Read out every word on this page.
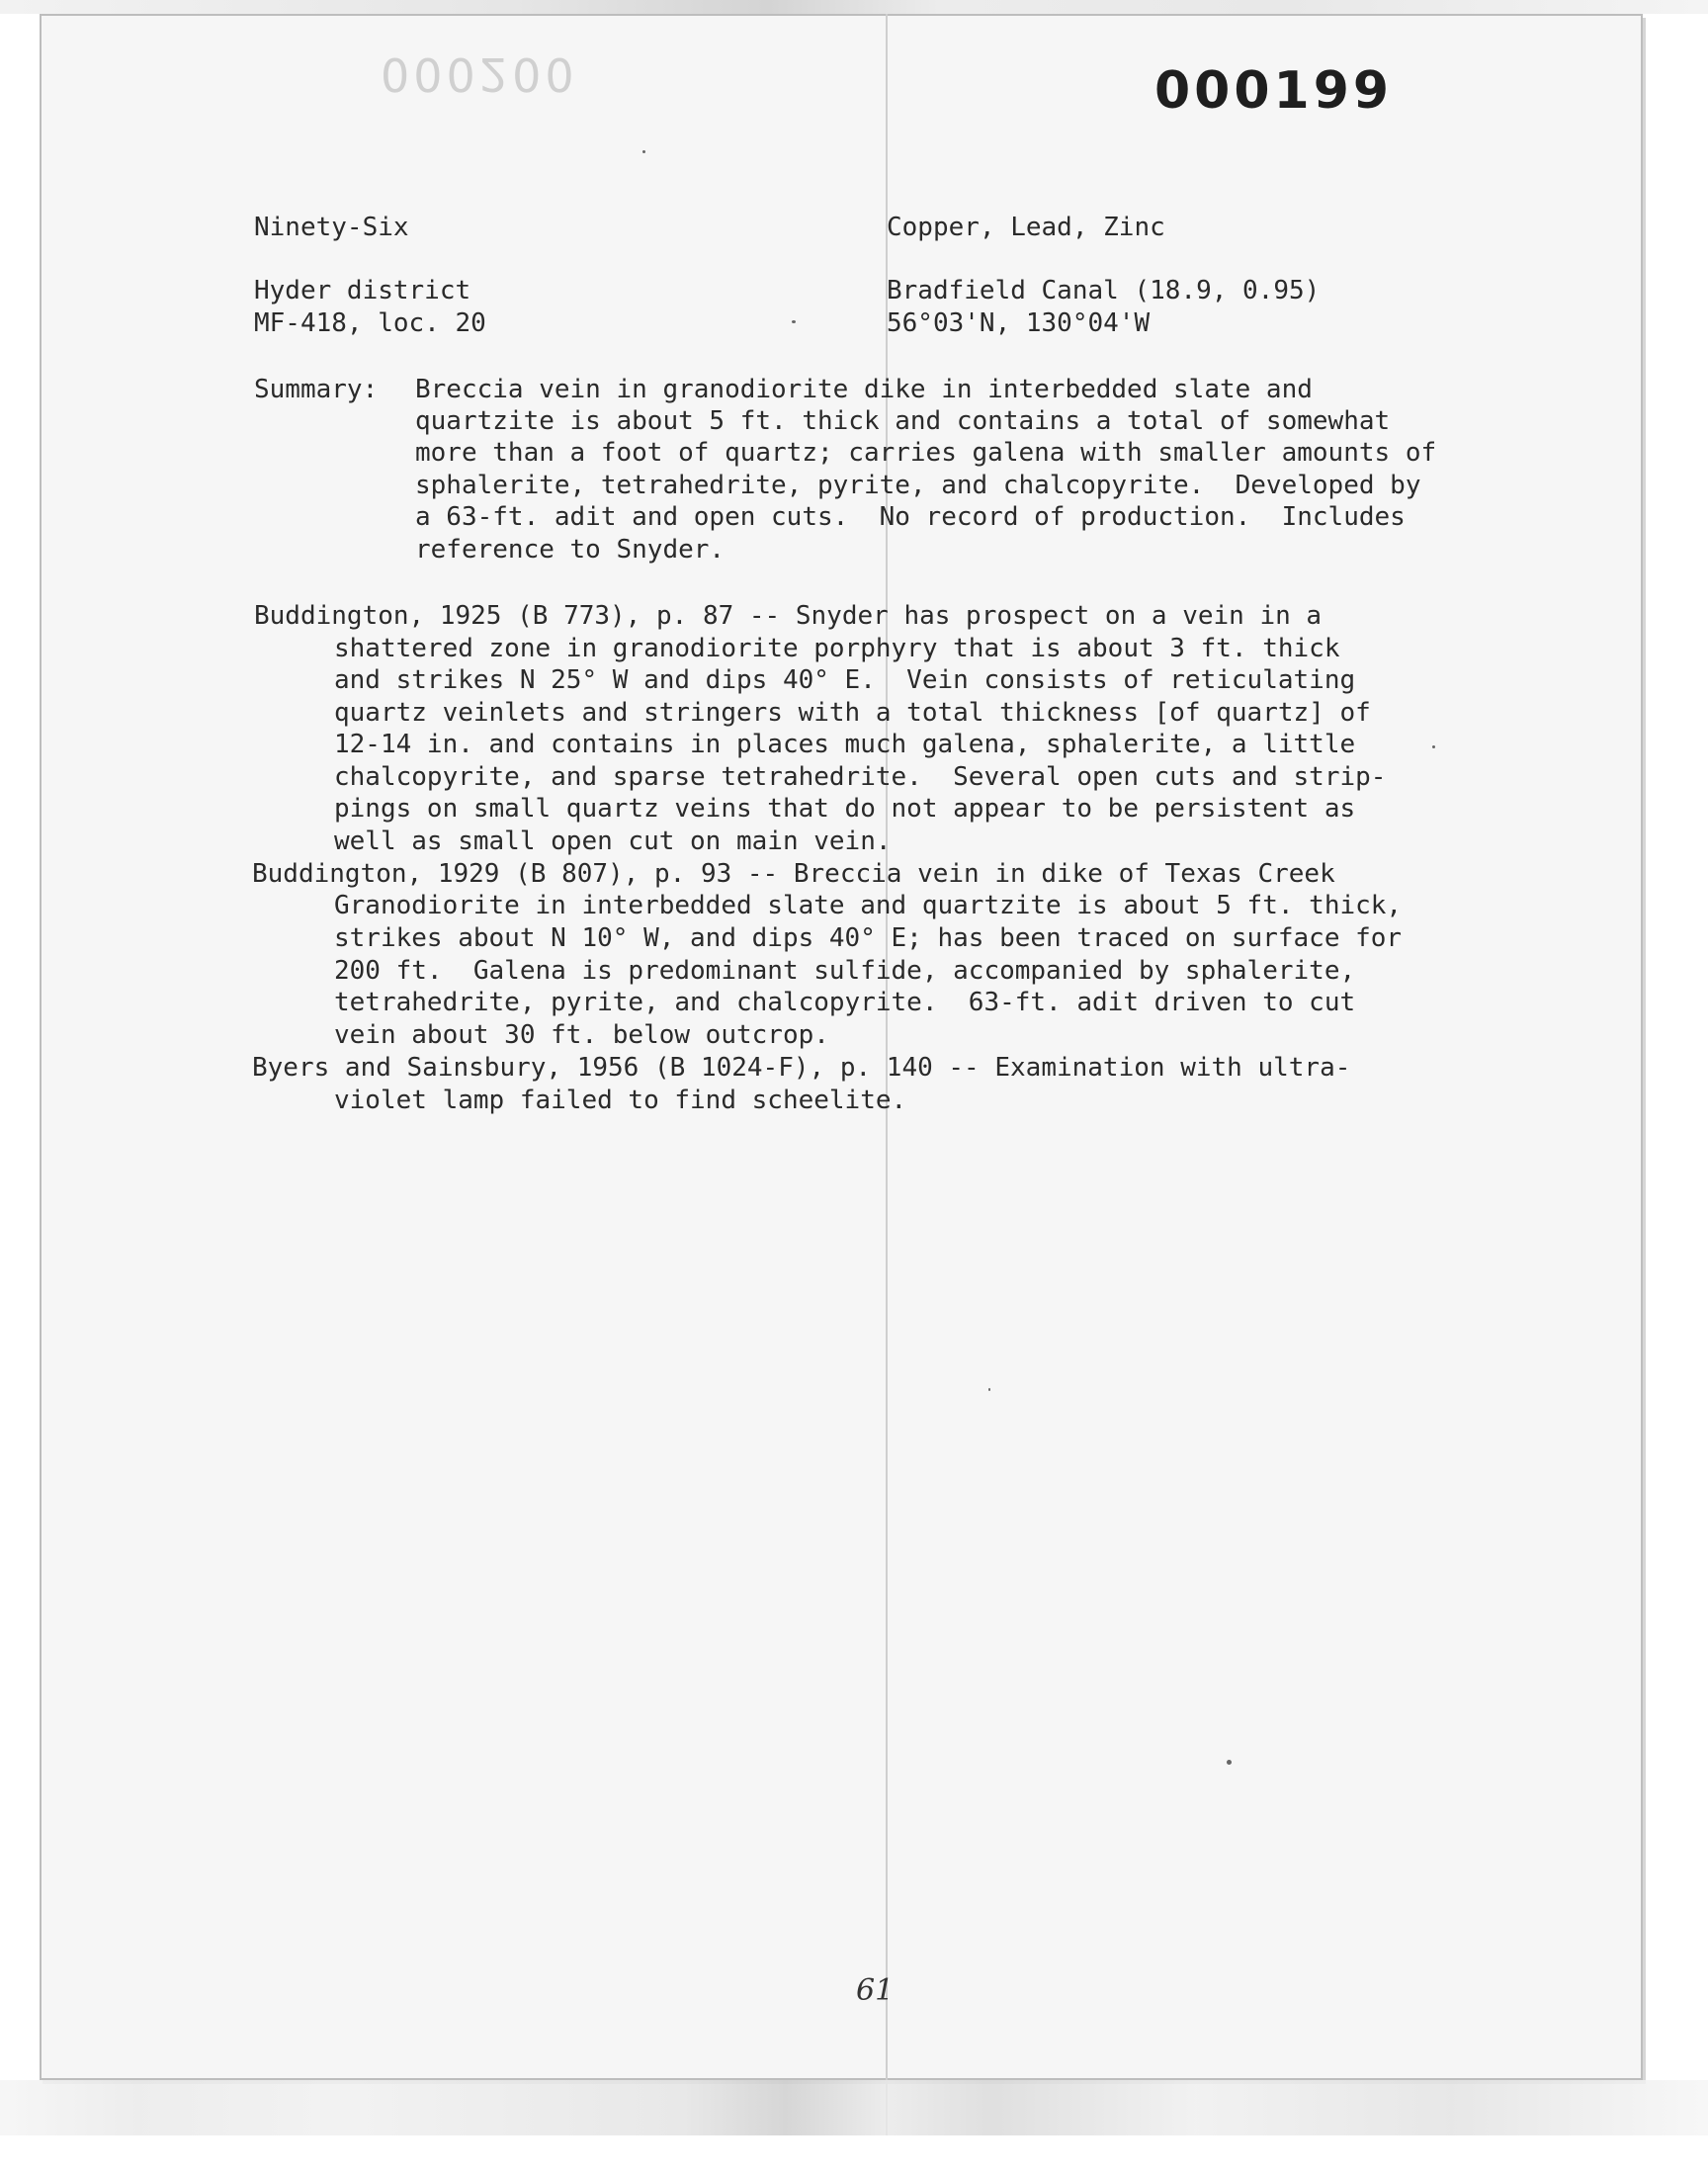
000200	000199
Ninety-Six	Copper, Lead, Zinc
Hyder district	Bradfield Canal (18.9, 0.95)
MF-418, loc. 20	56°03'N, 130°04'W
Summary: Breccia vein in granodiorite dike in interbedded slate and
quartzite is about 5 ft. thick and contains a total of somewhat
more than a foot of quartz; carries galena with smaller amounts of
sphalerite, tetrahedrite, pyrite, and chalcopyrite.  Developed by
a 63-ft. adit and open cuts.  No record of production.  Includes
reference to Snyder.
Buddington, 1925 (B 773), p. 87 -- Snyder has prospect on a vein in a
shattered zone in granodiorite porphyry that is about 3 ft. thick
and strikes N 25° W and dips 40° E.  Vein consists of reticulating
quartz veinlets and stringers with a total thickness [of quartz] of
12-14 in. and contains in places much galena, sphalerite, a little
chalcopyrite, and sparse tetrahedrite.  Several open cuts and strip-
pings on small quartz veins that do not appear to be persistent as
well as small open cut on main vein.
Buddington, 1929 (B 807), p. 93 -- Breccia vein in dike of Texas Creek
Granodiorite in interbedded slate and quartzite is about 5 ft. thick,
strikes about N 10° W, and dips 40° E; has been traced on surface for
200 ft.  Galena is predominant sulfide, accompanied by sphalerite,
tetrahedrite, pyrite, and chalcopyrite.  63-ft. adit driven to cut
vein about 30 ft. below outcrop.
Byers and Sainsbury, 1956 (B 1024-F), p. 140 -- Examination with ultra-
violet lamp failed to find scheelite.
61
